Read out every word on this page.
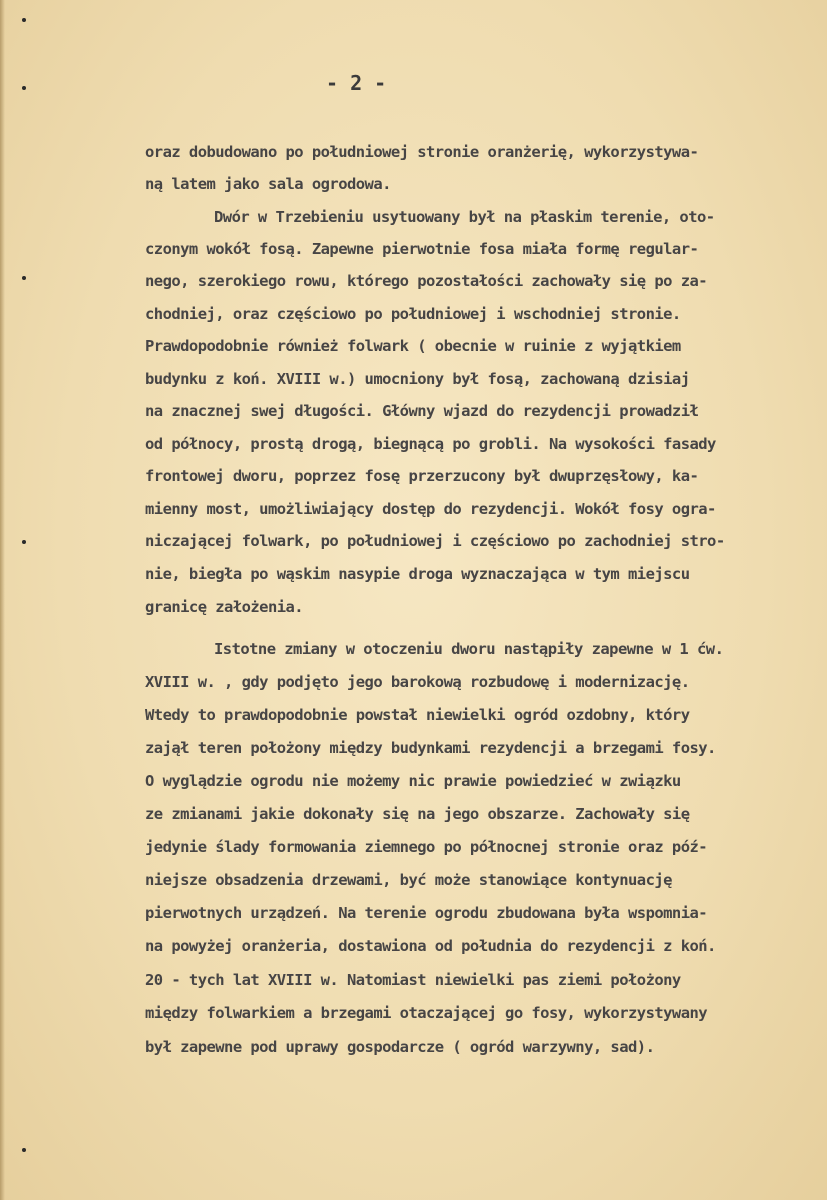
- 2 -
oraz dobudowano po południowej stronie oranżerię, wykorzystywa-
ną latem jako sala ogrodowa.
Dwór w Trzebieniu usytuowany był na płaskim terenie, oto-
czonym wokół fosą. Zapewne pierwotnie fosa miała formę regular-
nego, szerokiego rowu, którego pozostałości zachowały się po za-
chodniej, oraz częściowo po południowej i wschodniej stronie.
Prawdopodobnie również folwark ( obecnie w ruinie z wyjątkiem
budynku z koń. XVIII w.) umocniony był fosą, zachowaną dzisiaj
na znacznej swej długości. Główny wjazd do rezydencji prowadził
od północy, prostą drogą, biegnącą po grobli. Na wysokości fasady
frontowej dworu, poprzez fosę przerzucony był dwuprzęsłowy, ka-
mienny most, umożliwiający dostęp do rezydencji. Wokół fosy ogra-
niczającej folwark, po południowej i częściowo po zachodniej stro-
nie, biegła po wąskim nasypie droga wyznaczająca w tym miejscu
granicę założenia.
Istotne zmiany w otoczeniu dworu nastąpiły zapewne w 1 ćw.
XVIII w. , gdy podjęto jego barokową rozbudowę i modernizację.
Wtedy to prawdopodobnie powstał niewielki ogród ozdobny, który
zajął teren położony między budynkami rezydencji a brzegami fosy.
O wyglądzie ogrodu nie możemy nic prawie powiedzieć w związku
ze zmianami jakie dokonały się na jego obszarze. Zachowały się
jedynie ślady formowania ziemnego po północnej stronie oraz póź-
niejsze obsadzenia drzewami, być może stanowiące kontynuację
pierwotnych urządzeń. Na terenie ogrodu zbudowana była wspomnia-
na powyżej oranżeria, dostawiona od południa do rezydencji z koń.
20 - tych lat XVIII w. Natomiast niewielki pas ziemi położony
między folwarkiem a brzegami otaczającej go fosy, wykorzystywany
był zapewne pod uprawy gospodarcze ( ogród warzywny, sad).
